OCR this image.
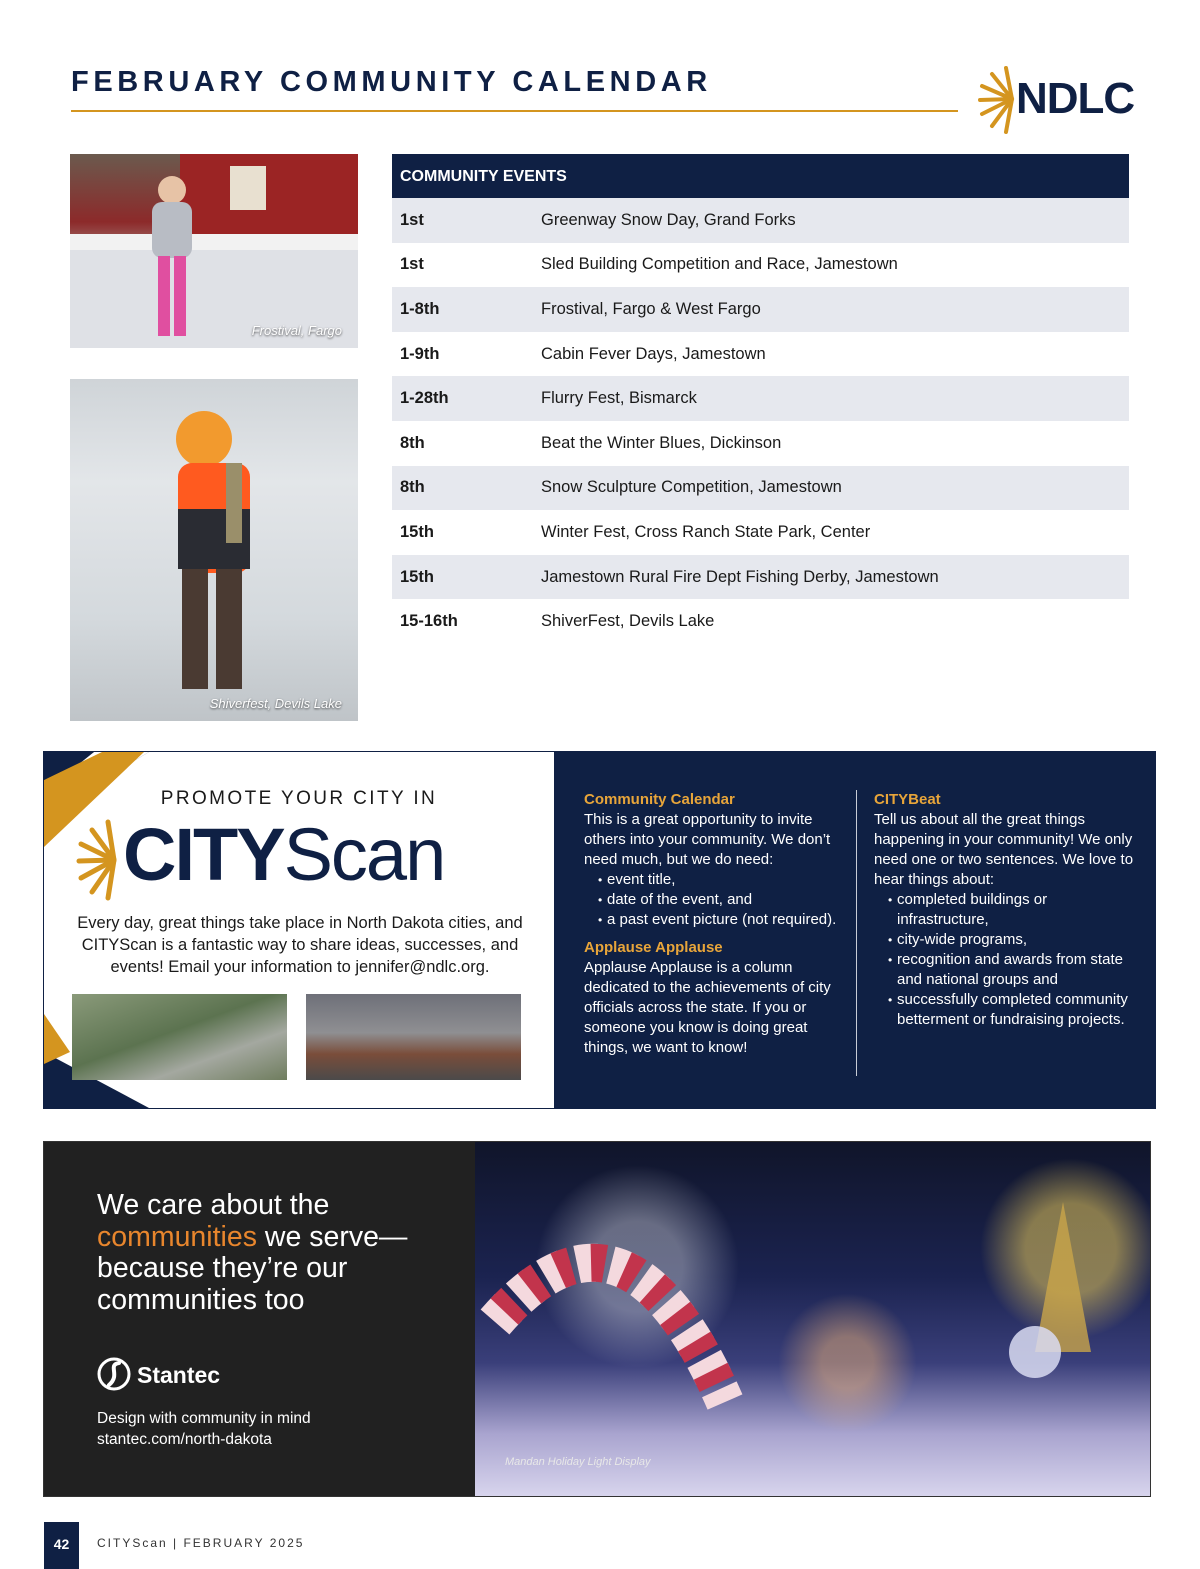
FEBRUARY COMMUNITY CALENDAR	NDLC
Frostival, Fargo
Shiverfest, Devils Lake
COMMUNITY EVENTS
1st	Greenway Snow Day, Grand Forks
1st	Sled Building Competition and Race, Jamestown
1-8th	Frostival, Fargo & West Fargo
1-9th	Cabin Fever Days, Jamestown
1-28th	Flurry Fest, Bismarck
8th	Beat the Winter Blues, Dickinson
8th	Snow Sculpture Competition, Jamestown
15th	Winter Fest, Cross Ranch State Park, Center
15th	Jamestown Rural Fire Dept Fishing Derby, Jamestown
15-16th	ShiverFest, Devils Lake
PROMOTE YOUR CITY IN
CITYScan
Every day, great things take place in North Dakota cities, and CITYScan is a fantastic way to share ideas, successes, and events! Email your information to jennifer@ndlc.org.
Community Calendar

This is a great opportunity to invite others into your community. We don’t need much, but we do need:

• event title,
• date of the event, and
• a past event picture (not required).
Applause Applause

Applause Applause is a column dedicated to the achievements of city officials across the state. If you or someone you know is doing great things, we want to know!

CITYBeat

Tell us about all the great things happening in your community! We only need one or two sentences. We love to hear things about:

• completed buildings or infrastructure,
• city-wide programs,
• recognition and awards from state and national groups and
• successfully completed community betterment or fundraising projects.
We care about the
communities we serve—
because they’re our
communities too
Stantec
Design with community in mind
stantec.com/north-dakota
Mandan Holiday Light Display
42	CITYScan | FEBRUARY 2025
